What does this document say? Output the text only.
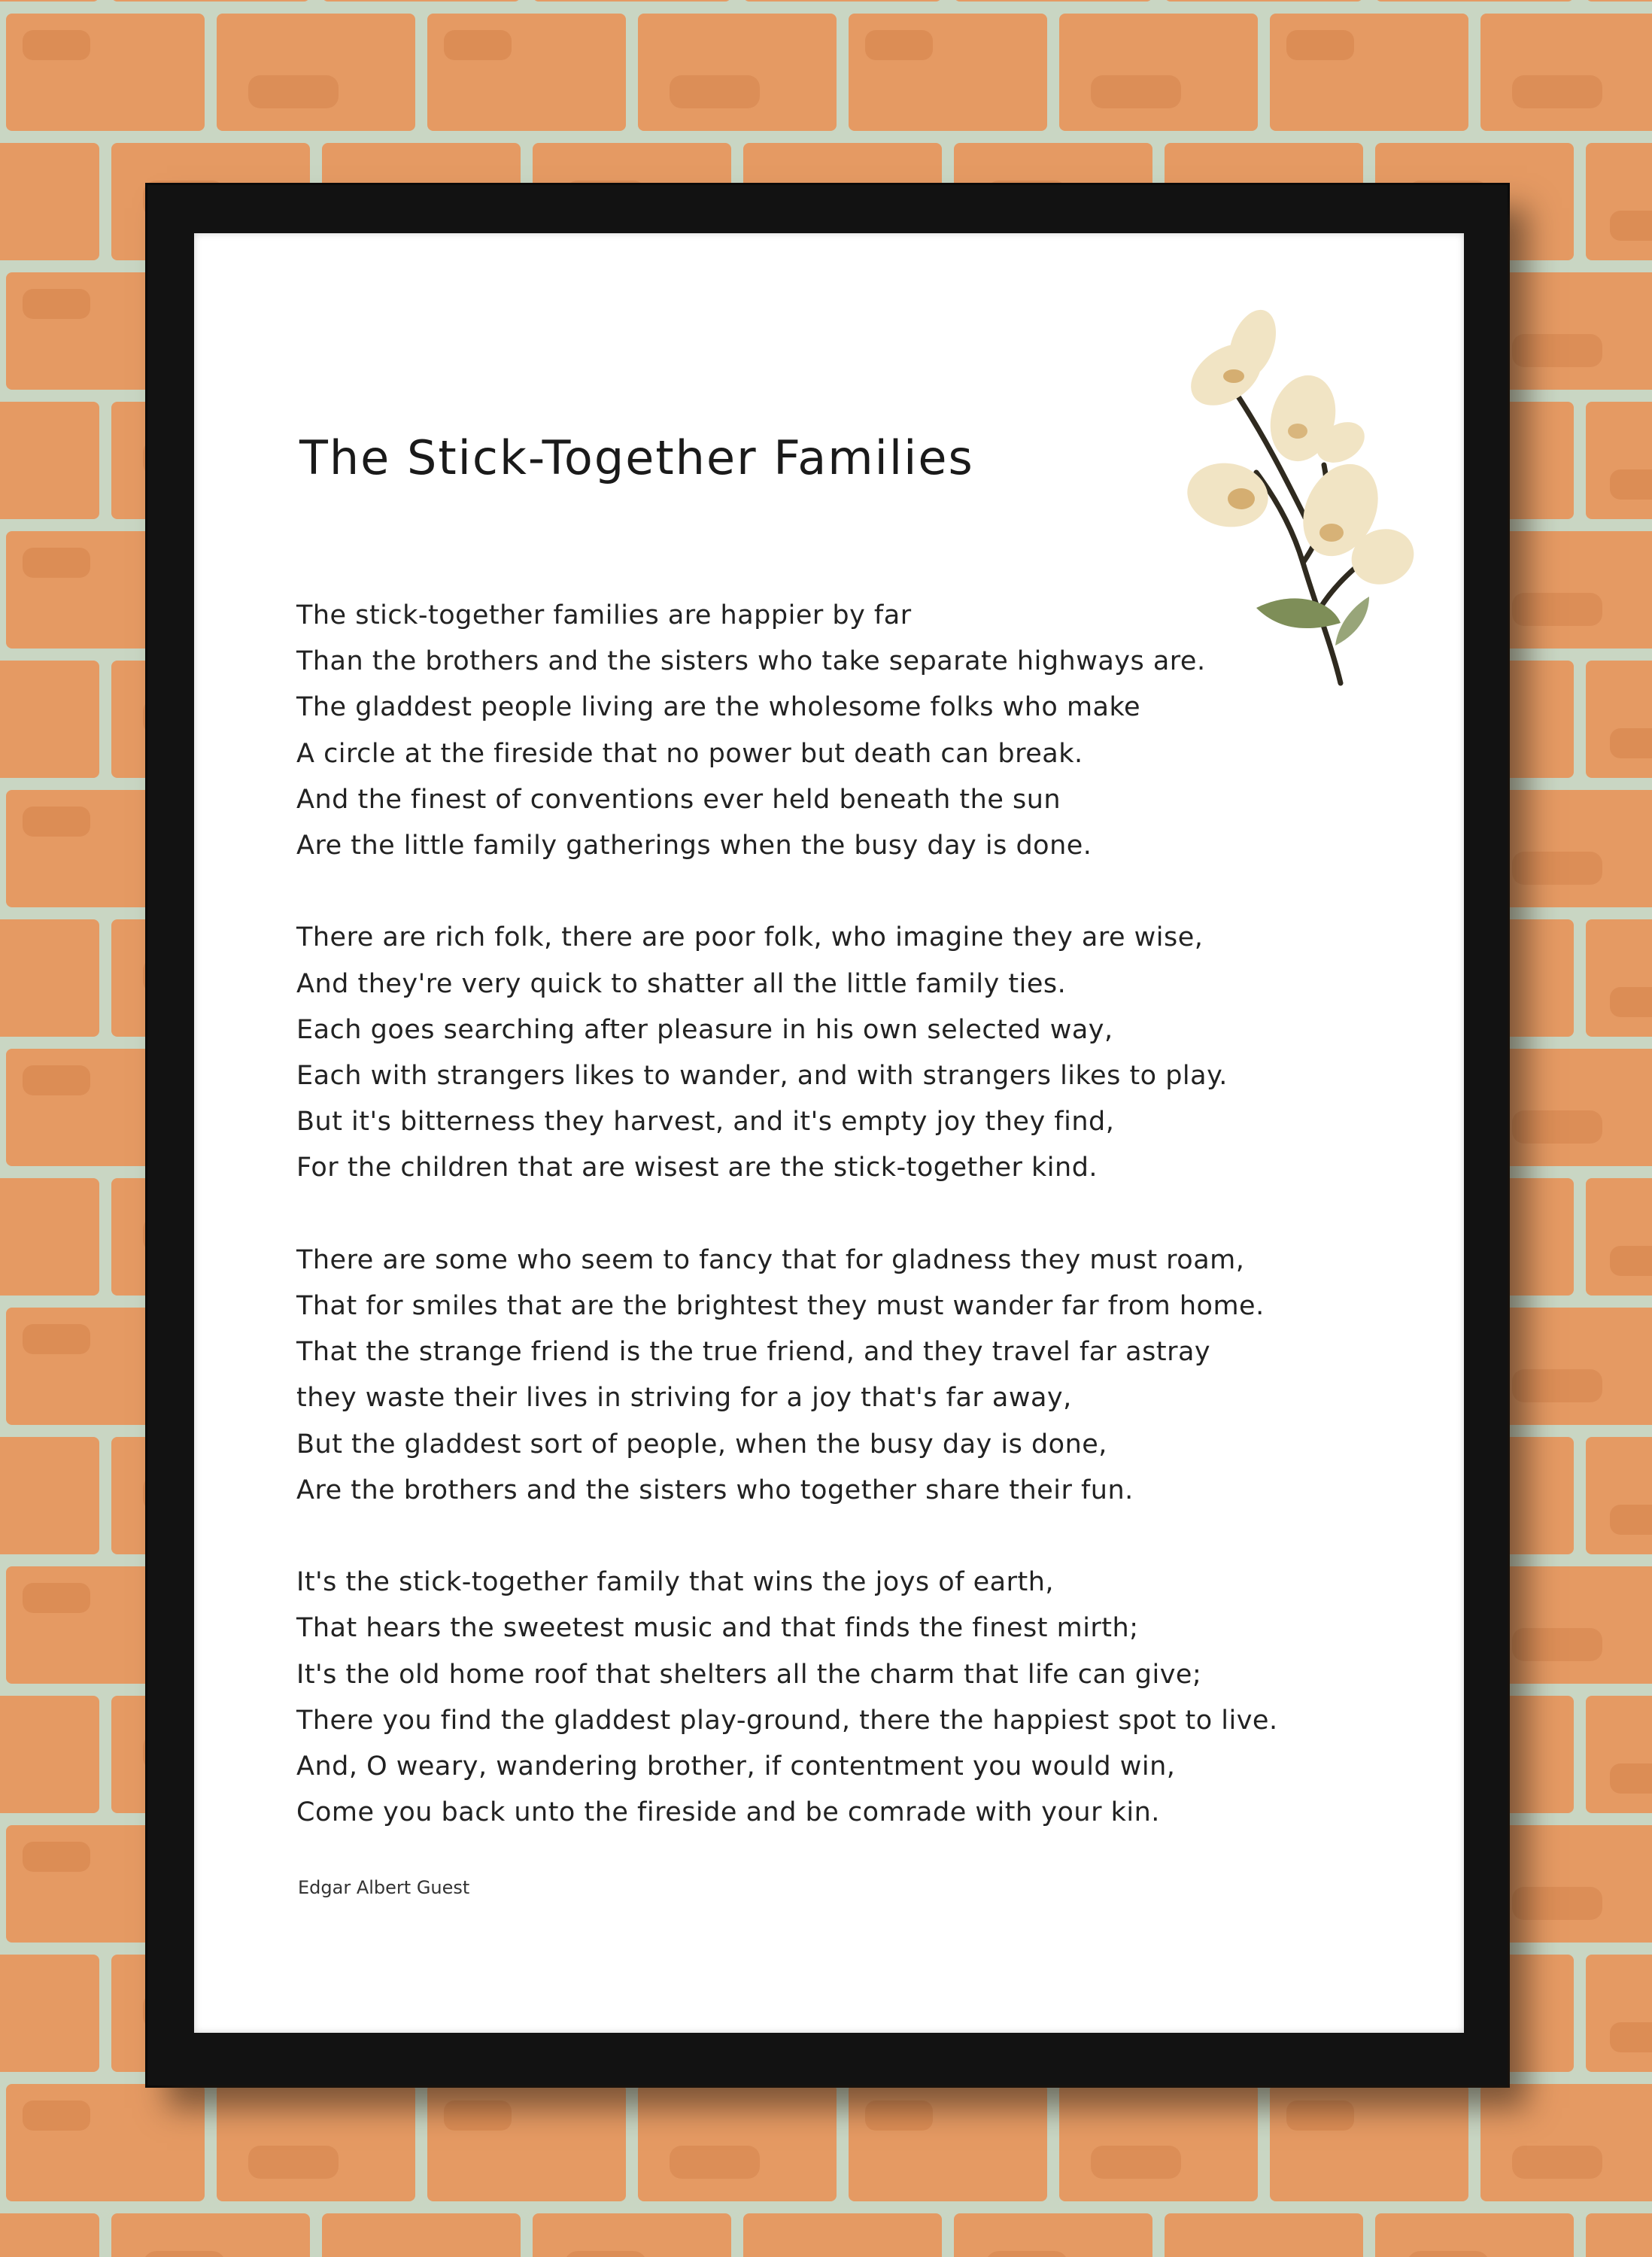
The Stick-Together Families
The stick-together families are happier by far
Than the brothers and the sisters who take separate highways are.
The gladdest people living are the wholesome folks who make
A circle at the fireside that no power but death can break.
And the finest of conventions ever held beneath the sun
Are the little family gatherings when the busy day is done.
There are rich folk, there are poor folk, who imagine they are wise,
And they're very quick to shatter all the little family ties.
Each goes searching after pleasure in his own selected way,
Each with strangers likes to wander, and with strangers likes to play.
But it's bitterness they harvest, and it's empty joy they find,
For the children that are wisest are the stick-together kind.
There are some who seem to fancy that for gladness they must roam,
That for smiles that are the brightest they must wander far from home.
That the strange friend is the true friend, and they travel far astray
they waste their lives in striving for a joy that's far away,
But the gladdest sort of people, when the busy day is done,
Are the brothers and the sisters who together share their fun.
It's the stick-together family that wins the joys of earth,
That hears the sweetest music and that finds the finest mirth;
It's the old home roof that shelters all the charm that life can give;
There you find the gladdest play-ground, there the happiest spot to live.
And, O weary, wandering brother, if contentment you would win,
Come you back unto the fireside and be comrade with your kin.
Edgar Albert Guest
